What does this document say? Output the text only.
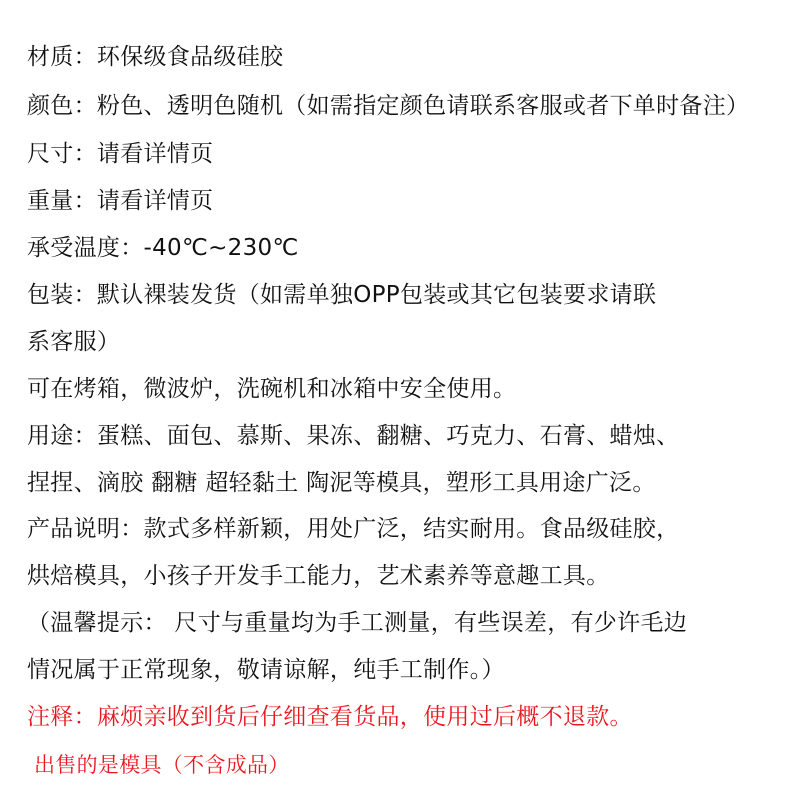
材质：环保级食品级硅胶
颜色：粉色、透明色随机（如需指定颜色请联系客服或者下单时备注）
尺寸：请看详情页
重量：请看详情页
承受温度：-40℃~230℃
包装：默认裸装发货（如需单独OPP包装或其它包装要求请联
系客服）
可在烤箱，微波炉，洗碗机和冰箱中安全使用。
用途：蛋糕、面包、慕斯、果冻、翻糖、巧克力、石膏、蜡烛、
捏捏、滴胶 翻糖 超轻黏土 陶泥等模具，塑形工具用途广泛。
产品说明：款式多样新颖，用处广泛，结实耐用。食品级硅胶，
烘焙模具，小孩子开发手工能力，艺术素养等意趣工具。
（温馨提示： 尺寸与重量均为手工测量，有些误差，有少许毛边
情况属于正常现象，敬请谅解，纯手工制作。）
注释：麻烦亲收到货后仔细查看货品，使用过后概不退款。
出售的是模具（不含成品）
